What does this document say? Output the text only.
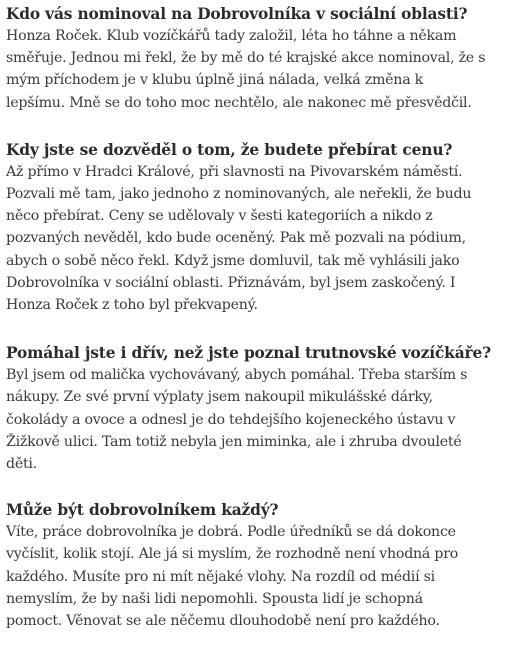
Kdo vás nominoval na Dobrovolníka v sociální oblasti?

Honza Roček. Klub vozíčkářů tady založil, léta ho táhne a někam
směřuje. Jednou mi řekl, že by mě do té krajské akce nominoval, že s
mým příchodem je v klubu úplně jiná nálada, velká změna k
lepšímu. Mně se do toho moc nechtělo, ale nakonec mě přesvědčil.

Kdy jste se dozvěděl o tom, že budete přebírat cenu?

Až přímo v Hradci Králové, při slavnosti na Pivovarském náměstí.
Pozvali mě tam, jako jednoho z nominovaných, ale neřekli, že budu
něco přebírat. Ceny se udělovaly v šesti kategoriích a nikdo z
pozvaných nevěděl, kdo bude oceněný. Pak mě pozvali na pódium,
abych o sobě něco řekl. Když jsme domluvil, tak mě vyhlásili jako
Dobrovolníka v sociální oblasti. Přiznávám, byl jsem zaskočený. I
Honza Roček z toho byl překvapený.

Pomáhal jste i dřív, než jste poznal trutnovské vozíčkáře?

Byl jsem od malička vychovávaný, abych pomáhal. Třeba starším s
nákupy. Ze své první výplaty jsem nakoupil mikulášské dárky,
čokolády a ovoce a odnesl je do tehdejšího kojeneckého ústavu v
Žižkově ulici. Tam totiž nebyla jen miminka, ale i zhruba dvouleté
děti.

Může být dobrovolníkem každý?

Víte, práce dobrovolníka je dobrá. Podle úředníků se dá dokonce
vyčíslit, kolik stojí. Ale já si myslím, že rozhodně není vhodná pro
každého. Musíte pro ni mít nějaké vlohy. Na rozdíl od médií si
nemyslím, že by naši lidi nepomohli. Spousta lidí je schopná
pomoct. Věnovat se ale něčemu dlouhodobě není pro každého.
